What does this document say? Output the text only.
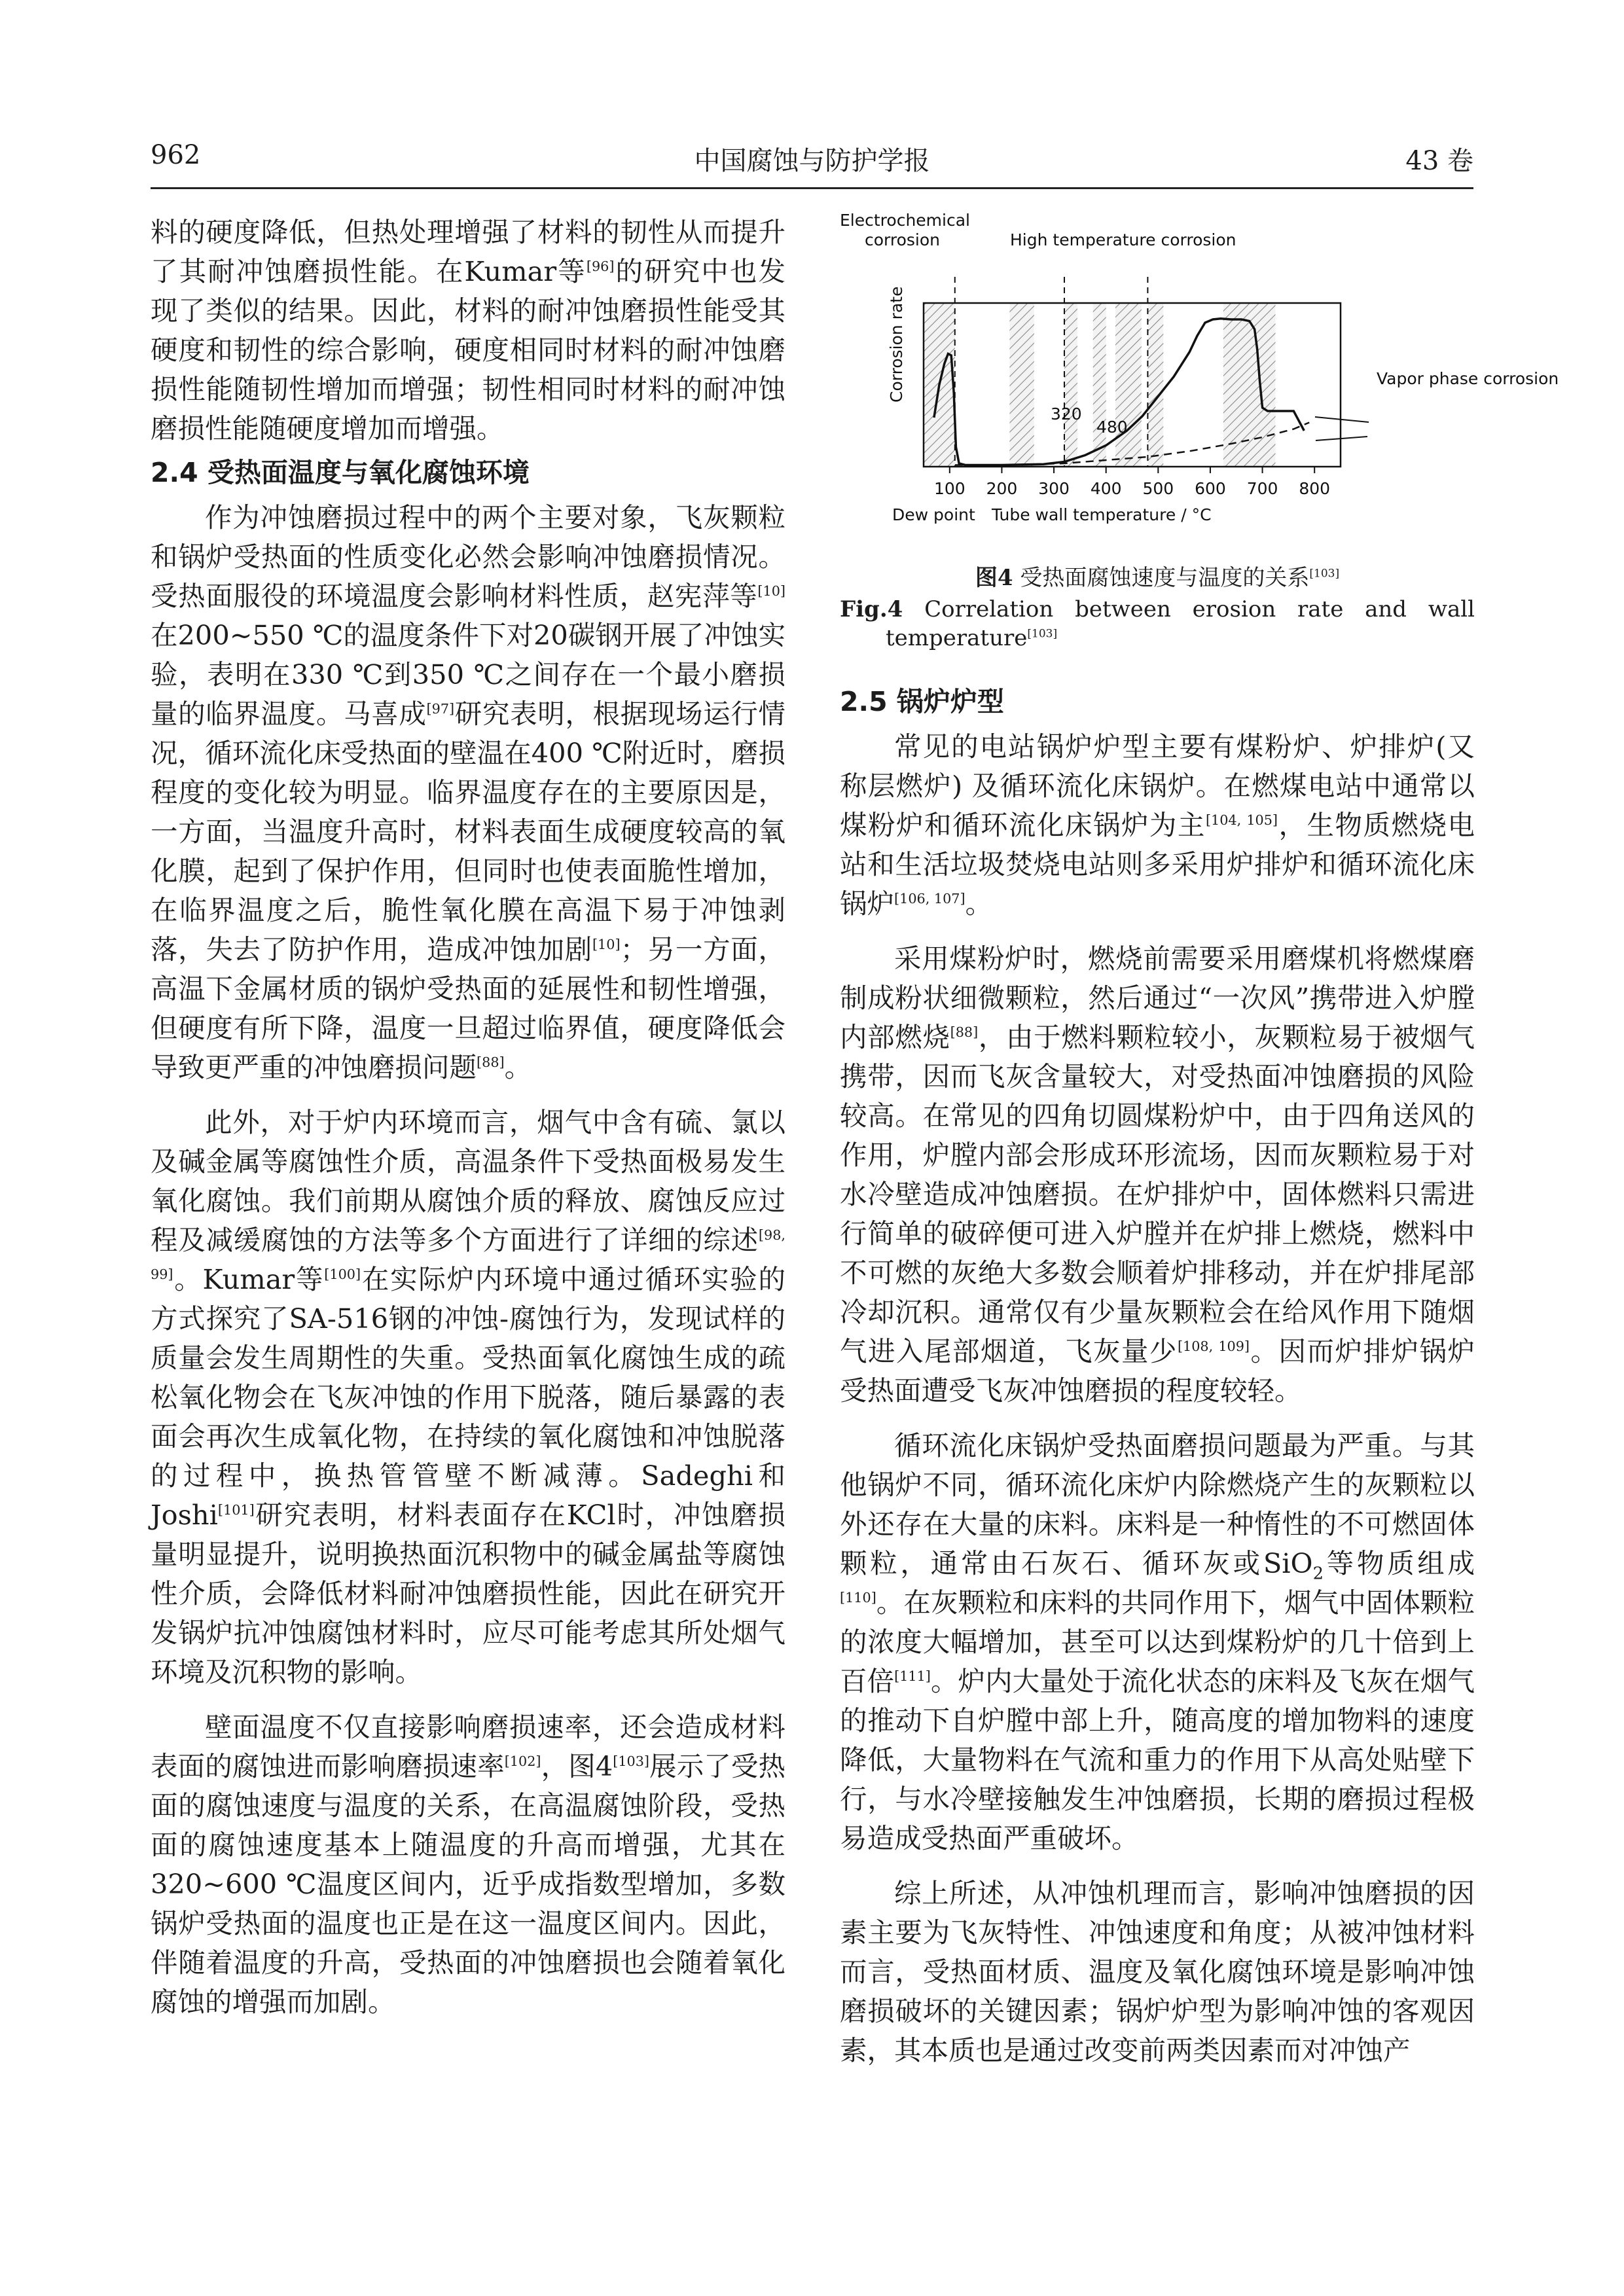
962	中国腐蚀与防护学报	43 卷

料的硬度降低，但热处理增强了材料的韧性从而提升了其耐冲蚀磨损性能。在Kumar等[96]的研究中也发现了类似的结果。因此，材料的耐冲蚀磨损性能受其硬度和韧性的综合影响，硬度相同时材料的耐冲蚀磨损性能随韧性增加而增强；韧性相同时材料的耐冲蚀磨损性能随硬度增加而增强。

2.4 受热面温度与氧化腐蚀环境

作为冲蚀磨损过程中的两个主要对象，飞灰颗粒和锅炉受热面的性质变化必然会影响冲蚀磨损情况。受热面服役的环境温度会影响材料性质，赵宪萍等[10]在200~550 ℃的温度条件下对20碳钢开展了冲蚀实验，表明在330 ℃到350 ℃之间存在一个最小磨损量的临界温度。马喜成[97]研究表明，根据现场运行情况，循环流化床受热面的壁温在400 ℃附近时，磨损程度的变化较为明显。临界温度存在的主要原因是，一方面，当温度升高时，材料表面生成硬度较高的氧化膜，起到了保护作用，但同时也使表面脆性增加，在临界温度之后，脆性氧化膜在高温下易于冲蚀剥落，失去了防护作用，造成冲蚀加剧[10]；另一方面，高温下金属材质的锅炉受热面的延展性和韧性增强，但硬度有所下降，温度一旦超过临界值，硬度降低会导致更严重的冲蚀磨损问题[88]。

此外，对于炉内环境而言，烟气中含有硫、氯以及碱金属等腐蚀性介质，高温条件下受热面极易发生氧化腐蚀。我们前期从腐蚀介质的释放、腐蚀反应过程及减缓腐蚀的方法等多个方面进行了详细的综述[98, 99]。Kumar等[100]在实际炉内环境中通过循环实验的方式探究了SA-516钢的冲蚀-腐蚀行为，发现试样的质量会发生周期性的失重。受热面氧化腐蚀生成的疏松氧化物会在飞灰冲蚀的作用下脱落，随后暴露的表面会再次生成氧化物，在持续的氧化腐蚀和冲蚀脱落的过程中，换热管管壁不断减薄。Sadeghi和Joshi[101]研究表明，材料表面存在KCl时，冲蚀磨损量明显提升，说明换热面沉积物中的碱金属盐等腐蚀性介质，会降低材料耐冲蚀磨损性能，因此在研究开发锅炉抗冲蚀腐蚀材料时，应尽可能考虑其所处烟气环境及沉积物的影响。

壁面温度不仅直接影响磨损速率，还会造成材料表面的腐蚀进而影响磨损速率[102]，图4[103]展示了受热面的腐蚀速度与温度的关系，在高温腐蚀阶段，受热面的腐蚀速度基本上随温度的升高而增强，尤其在320~600 ℃温度区间内，近乎成指数型增加，多数锅炉受热面的温度也正是在这一温度区间内。因此，伴随着温度的升高，受热面的冲蚀磨损也会随着氧化腐蚀的增强而加剧。

100 200 300 400 500 600 700 800
Electrochemical corrosion	High temperature corrosion
Vapor phase corrosion
320
480
Dew point Tube wall temperature / °C
Corrosion rate
图4 受热面腐蚀速度与温度的关系[103]

Fig.4 Correlation between erosion rate and wall temperature[103]

2.5 锅炉炉型

常见的电站锅炉炉型主要有煤粉炉、炉排炉(又称层燃炉) 及循环流化床锅炉。在燃煤电站中通常以煤粉炉和循环流化床锅炉为主[104, 105]，生物质燃烧电站和生活垃圾焚烧电站则多采用炉排炉和循环流化床锅炉[106, 107]。

采用煤粉炉时，燃烧前需要采用磨煤机将燃煤磨制成粉状细微颗粒，然后通过“一次风”携带进入炉膛内部燃烧[88]，由于燃料颗粒较小，灰颗粒易于被烟气携带，因而飞灰含量较大，对受热面冲蚀磨损的风险较高。在常见的四角切圆煤粉炉中，由于四角送风的作用，炉膛内部会形成环形流场，因而灰颗粒易于对水冷壁造成冲蚀磨损。在炉排炉中，固体燃料只需进行简单的破碎便可进入炉膛并在炉排上燃烧，燃料中不可燃的灰绝大多数会顺着炉排移动，并在炉排尾部冷却沉积。通常仅有少量灰颗粒会在给风作用下随烟气进入尾部烟道，飞灰量少[108, 109]。因而炉排炉锅炉受热面遭受飞灰冲蚀磨损的程度较轻。

循环流化床锅炉受热面磨损问题最为严重。与其他锅炉不同，循环流化床炉内除燃烧产生的灰颗粒以外还存在大量的床料。床料是一种惰性的不可燃固体颗粒，通常由石灰石、循环灰或SiO$_2$等物质组成[110]。在灰颗粒和床料的共同作用下，烟气中固体颗粒的浓度大幅增加，甚至可以达到煤粉炉的几十倍到上百倍[111]。炉内大量处于流化状态的床料及飞灰在烟气的推动下自炉膛中部上升，随高度的增加物料的速度降低，大量物料在气流和重力的作用下从高处贴壁下行，与水冷壁接触发生冲蚀磨损，长期的磨损过程极易造成受热面严重破坏。

综上所述，从冲蚀机理而言，影响冲蚀磨损的因素主要为飞灰特性、冲蚀速度和角度；从被冲蚀材料而言，受热面材质、温度及氧化腐蚀环境是影响冲蚀磨损破坏的关键因素；锅炉炉型为影响冲蚀的客观因素，其本质也是通过改变前两类因素而对冲蚀产
